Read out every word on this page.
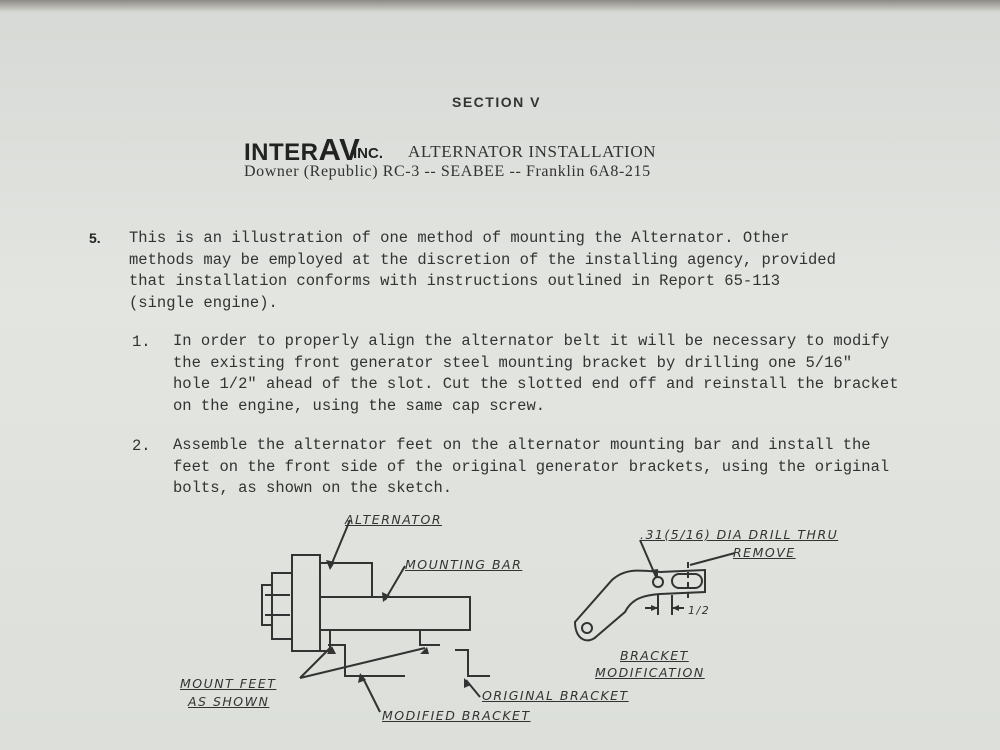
SECTION V
INTERAV
INC. ALTERNATOR INSTALLATION
Downer (Republic) RC-3 -- SEABEE -- Franklin 6A8-215
5. This is an illustration of one method of mounting the Alternator. Other
methods may be employed at the discretion of the installing agency, provided
that installation conforms with instructions outlined in Report 65-113
(single engine).
1. In order to properly align the alternator belt it will be necessary to modify
the existing front generator steel mounting bracket by drilling one 5/16"
hole 1/2" ahead of the slot. Cut the slotted end off and reinstall the bracket
on the engine, using the same cap screw.
2. Assemble the alternator feet on the alternator mounting bar and install the
feet on the front side of the original generator brackets, using the original
bolts, as shown on the sketch.
ALTERNATOR
MOUNTING BAR
MOUNT FEET
AS SHOWN	ORIGINAL BRACKET
MODIFIED BRACKET
.31(5/16) DIA DRILL THRU
REMOVE
1/2
BRACKET
MODIFICATION
